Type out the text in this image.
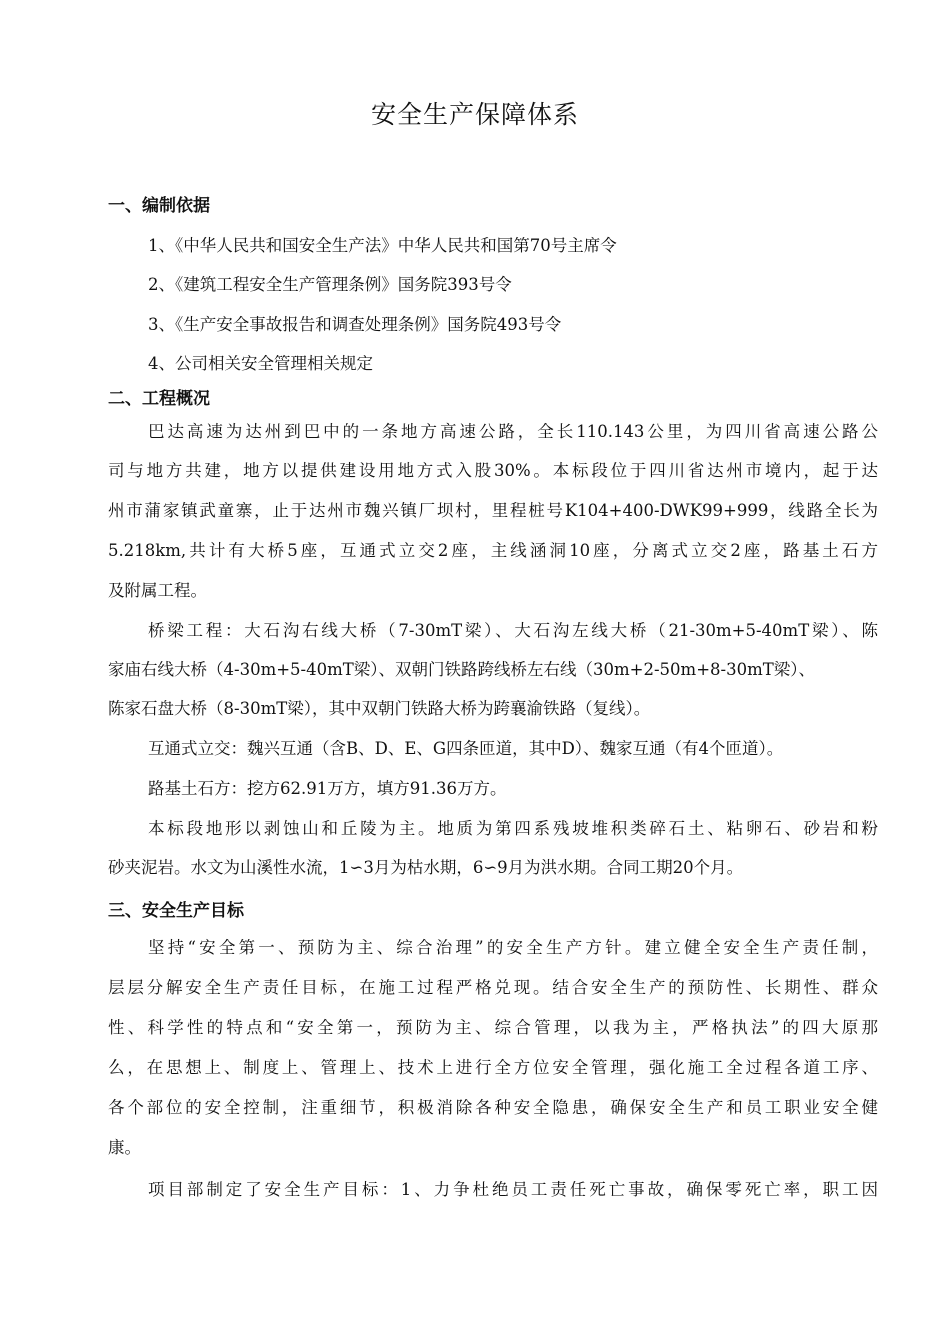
安全生产保障体系
一、编制依据
1、《中华人民共和国安全生产法》中华人民共和国第70号主席令
2、《建筑工程安全生产管理条例》国务院393号令
3、《生产安全事故报告和调查处理条例》国务院493号令
4、公司相关安全管理相关规定
二、工程概况
巴达高速为达州到巴中的一条地方高速公路，全长110.143公里，为四川省高速公路公
司与地方共建，地方以提供建设用地方式入股30%。本标段位于四川省达州市境内，起于达
州市蒲家镇武童寨，止于达州市魏兴镇厂坝村，里程桩号K104+400-DWK99+999，线路全长为
5.218km,共计有大桥5座，互通式立交2座，主线涵洞10座，分离式立交2座，路基土石方
及附属工程。
桥梁工程：大石沟右线大桥（7-30mT梁）、大石沟左线大桥（21-30m+5-40mT梁）、陈
家庙右线大桥（4-30m+5-40mT梁）、双朝门铁路跨线桥左右线（30m+2-50m+8-30mT梁）、
陈家石盘大桥（8-30mT梁），其中双朝门铁路大桥为跨襄渝铁路（复线）。
互通式立交：魏兴互通（含B、D、E、G四条匝道，其中D）、魏家互通（有4个匝道）。
路基土石方：挖方62.91万方，填方91.36万方。
本标段地形以剥蚀山和丘陵为主。地质为第四系残坡堆积类碎石土、粘卵石、砂岩和粉
砂夹泥岩。水文为山溪性水流，1∽3月为枯水期，6∽9月为洪水期。合同工期20个月。
三、安全生产目标
坚持“安全第一、预防为主、综合治理”的安全生产方针。建立健全安全生产责任制，
层层分解安全生产责任目标，在施工过程严格兑现。结合安全生产的预防性、长期性、群众
性、科学性的特点和“安全第一，预防为主、综合管理，以我为主，严格执法”的四大原那
么，在思想上、制度上、管理上、技术上进行全方位安全管理，强化施工全过程各道工序、
各个部位的安全控制，注重细节，积极消除各种安全隐患，确保安全生产和员工职业安全健
康。
项目部制定了安全生产目标：1、力争杜绝员工责任死亡事故，确保零死亡率，职工因
